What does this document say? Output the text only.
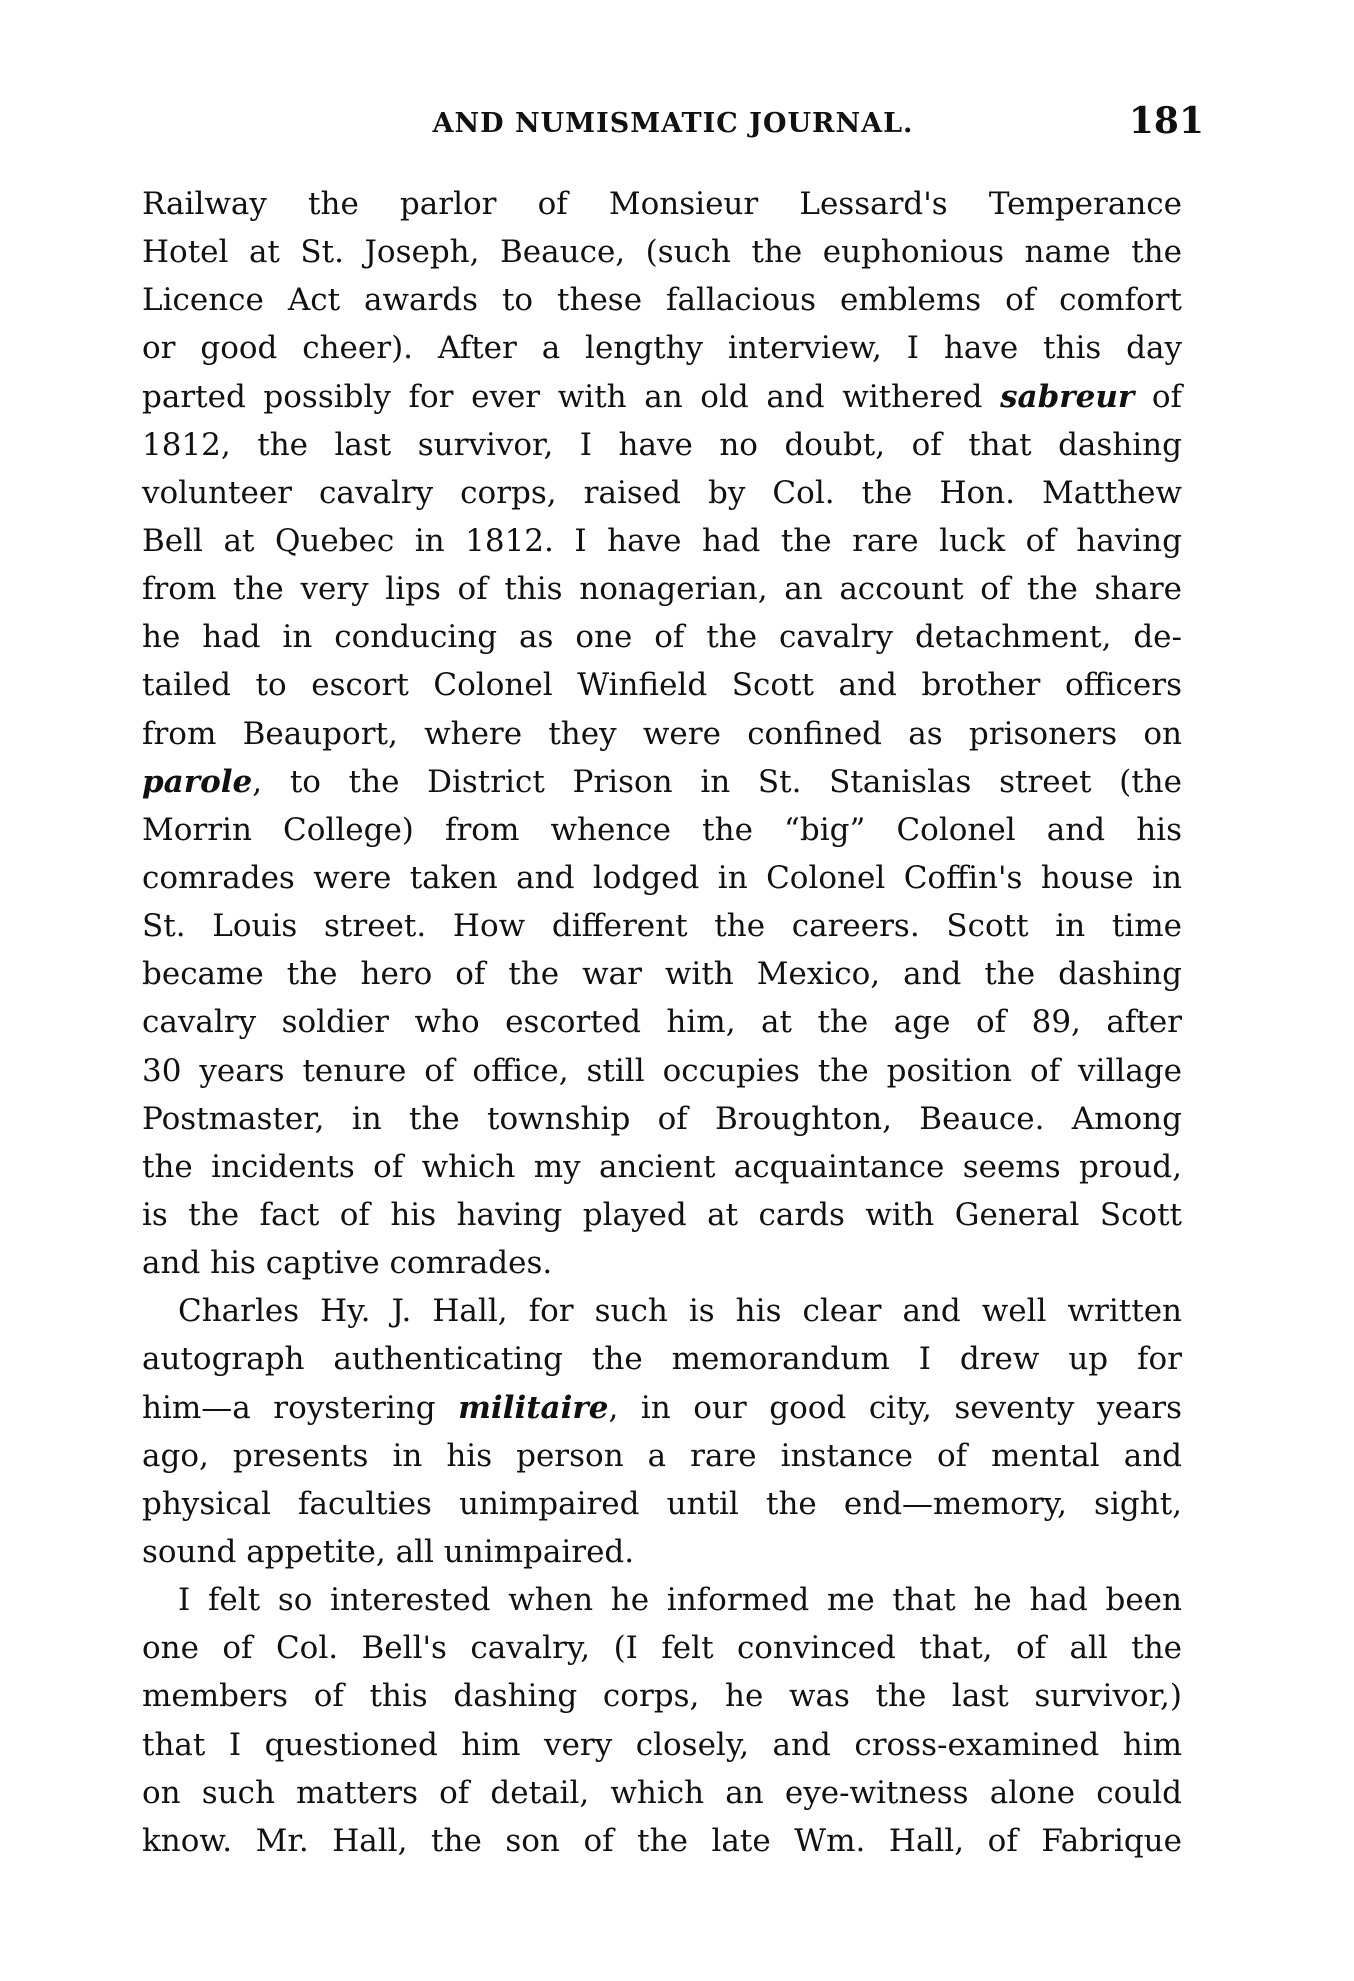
AND NUMISMATIC JOURNAL.	181
Railway the parlor of Monsieur Lessard's Temperance
Hotel at St. Joseph, Beauce, (such the euphonious name the
Licence Act awards to these fallacious emblems of comfort
or good cheer). After a lengthy interview, I have this day
parted possibly for ever with an old and withered sabreur of
1812, the last survivor, I have no doubt, of that dashing
volunteer cavalry corps, raised by Col. the Hon. Matthew
Bell at Quebec in 1812. I have had the rare luck of having
from the very lips of this nonagerian, an account of the share
he had in conducing as one of the cavalry detachment, de-
tailed to escort Colonel Winfield Scott and brother officers
from Beauport, where they were confined as prisoners on
parole, to the District Prison in St. Stanislas street (the
Morrin College) from whence the “big” Colonel and his
comrades were taken and lodged in Colonel Coffin's house in
St. Louis street. How different the careers. Scott in time
became the hero of the war with Mexico, and the dashing
cavalry soldier who escorted him, at the age of 89, after
30 years tenure of office, still occupies the position of village
Postmaster, in the township of Broughton, Beauce. Among
the incidents of which my ancient acquaintance seems proud,
is the fact of his having played at cards with General Scott
and his captive comrades.
Charles Hy. J. Hall, for such is his clear and well written
autograph authenticating the memorandum I drew up for
him—a roystering militaire, in our good city, seventy years
ago, presents in his person a rare instance of mental and
physical faculties unimpaired until the end—memory, sight,
sound appetite, all unimpaired.
I felt so interested when he informed me that he had been
one of Col. Bell's cavalry, (I felt convinced that, of all the
members of this dashing corps, he was the last survivor,)
that I questioned him very closely, and cross-examined him
on such matters of detail, which an eye-witness alone could
know. Mr. Hall, the son of the late Wm. Hall, of Fabrique
